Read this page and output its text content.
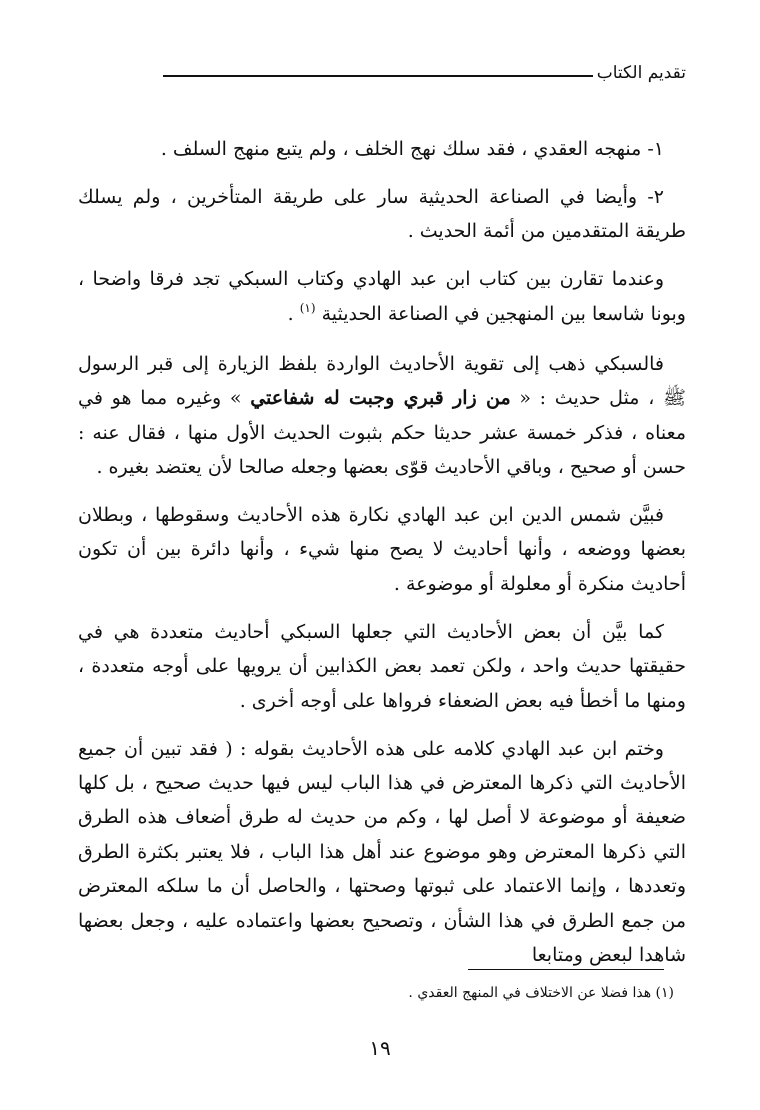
تقديم الكتاب

١- منهجه العقدي ، فقد سلك نهج الخلف ، ولم يتبع منهج السلف .

٢- وأيضا في الصناعة الحديثية سار على طريقة المتأخرين ، ولم يسلك طريقة المتقدمين من أئمة الحديث .

وعندما تقارن بين كتاب ابن عبد الهادي وكتاب السبكي تجد فرقا واضحا ، وبونا شاسعا بين المنهجين في الصناعة الحديثية $^{(١)}$ .

فالسبكي ذهب إلى تقوية الأحاديث الواردة بلفظ الزيارة إلى قبر الرسول ﷺ ، مثل حديث : « من زار قبري وجبت له شفاعتي » وغيره مما هو في معناه ، فذكر خمسة عشر حديثا حكم بثبوت الحديث الأول منها ، فقال عنه : حسن أو صحيح ، وباقي الأحاديث قوّى بعضها وجعله صالحا لأن يعتضد بغيره .

فبيَّن شمس الدين ابن عبد الهادي نكارة هذه الأحاديث وسقوطها ، وبطلان بعضها ووضعه ، وأنها أحاديث لا يصح منها شيء ، وأنها دائرة بين أن تكون أحاديث منكرة أو معلولة أو موضوعة .

كما بيَّن أن بعض الأحاديث التي جعلها السبكي أحاديث متعددة هي في حقيقتها حديث واحد ، ولكن تعمد بعض الكذابين أن يرويها على أوجه متعددة ، ومنها ما أخطأ فيه بعض الضعفاء فرواها على أوجه أخرى .

وختم ابن عبد الهادي كلامه على هذه الأحاديث بقوله : ( فقد تبين أن جميع الأحاديث التي ذكرها المعترض في هذا الباب ليس فيها حديث صحيح ، بل كلها ضعيفة أو موضوعة لا أصل لها ، وكم من حديث له طرق أضعاف هذه الطرق التي ذكرها المعترض وهو موضوع عند أهل هذا الباب ، فلا يعتبر بكثرة الطرق وتعددها ، وإنما الاعتماد على ثبوتها وصحتها ، والحاصل أن ما سلكه المعترض من جمع الطرق في هذا الشأن ، وتصحيح بعضها واعتماده عليه ، وجعل بعضها شاهدا لبعض ومتابعا

(١) هذا فضلا عن الاختلاف في المنهج العقدي .
١٩
